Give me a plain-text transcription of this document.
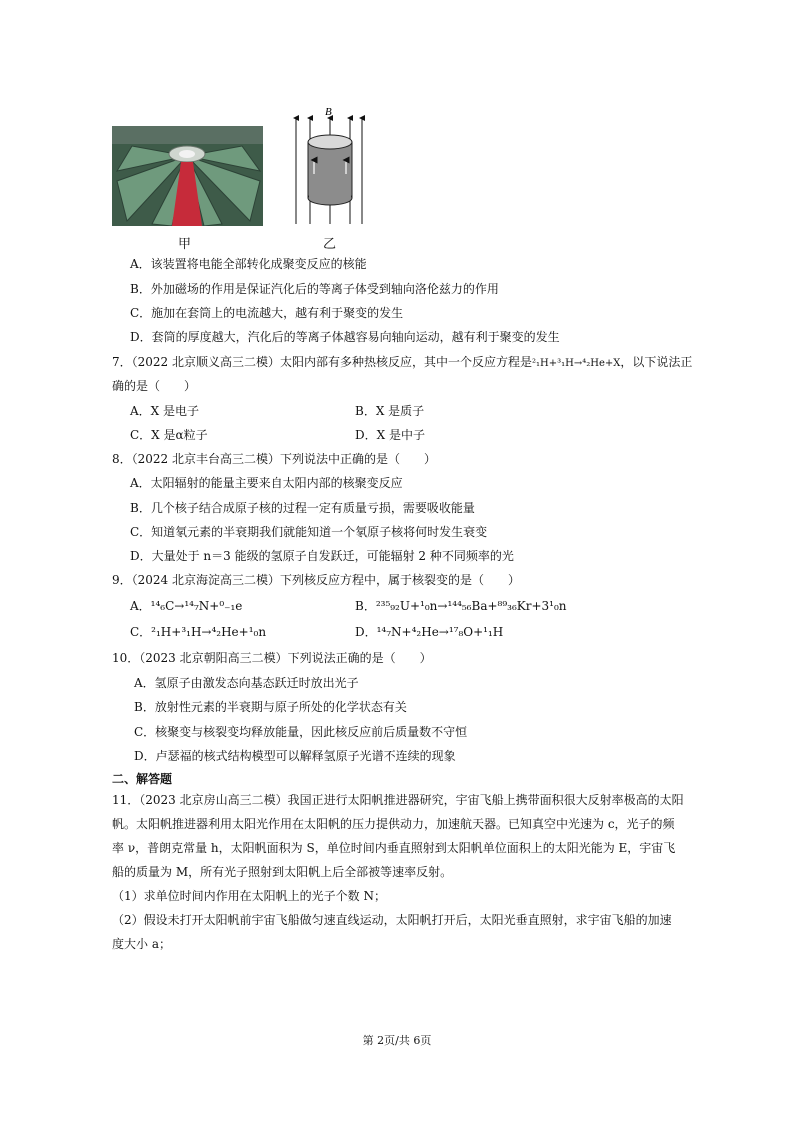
B
甲	乙
A．该装置将电能全部转化成聚变反应的核能
B．外加磁场的作用是保证汽化后的等离子体受到轴向洛伦兹力的作用
C．施加在套筒上的电流越大，越有利于聚变的发生
D．套筒的厚度越大，汽化后的等离子体越容易向轴向运动，越有利于聚变的发生
7．（2022 北京顺义高三二模）太阳内部有多种热核反应，其中一个反应方程是²₁H+³₁H→⁴₂He+X，以下说法正
确的是（　　）
A．X 是电子	B．X 是质子
C．X 是α粒子	D．X 是中子
8．（2022 北京丰台高三二模）下列说法中正确的是（　　）
A．太阳辐射的能量主要来自太阳内部的核聚变反应
B．几个核子结合成原子核的过程一定有质量亏损，需要吸收能量
C．知道氡元素的半衰期我们就能知道一个氡原子核将何时发生衰变
D．大量处于 n＝3 能级的氢原子自发跃迁，可能辐射 2 种不同频率的光
9．（2024 北京海淀高三二模）下列核反应方程中，属于核裂变的是（　　）
A．¹⁴₆C→¹⁴₇N+⁰₋₁e	B．²³⁵₉₂U+¹₀n→¹⁴⁴₅₆Ba+⁸⁹₃₆Kr+3¹₀n
C．²₁H+³₁H→⁴₂He+¹₀n	D．¹⁴₇N+⁴₂He→¹⁷₈O+¹₁H
10．（2023 北京朝阳高三二模）下列说法正确的是（　　）
A．氢原子由激发态向基态跃迁时放出光子
B．放射性元素的半衰期与原子所处的化学状态有关
C．核聚变与核裂变均释放能量，因此核反应前后质量数不守恒
D．卢瑟福的核式结构模型可以解释氢原子光谱不连续的现象
二、解答题
11．（2023 北京房山高三二模）我国正进行太阳帆推进器研究，宇宙飞船上携带面积很大反射率极高的太阳
帆。太阳帆推进器利用太阳光作用在太阳帆的压力提供动力，加速航天器。已知真空中光速为 c，光子的频
率 ν，普朗克常量 h，太阳帆面积为 S，单位时间内垂直照射到太阳帆单位面积上的太阳光能为 E，宇宙飞
船的质量为 M，所有光子照射到太阳帆上后全部被等速率反射。
（1）求单位时间内作用在太阳帆上的光子个数 N；
（2）假设未打开太阳帆前宇宙飞船做匀速直线运动，太阳帆打开后，太阳光垂直照射，求宇宙飞船的加速
度大小 a；
第 2页/共 6页
